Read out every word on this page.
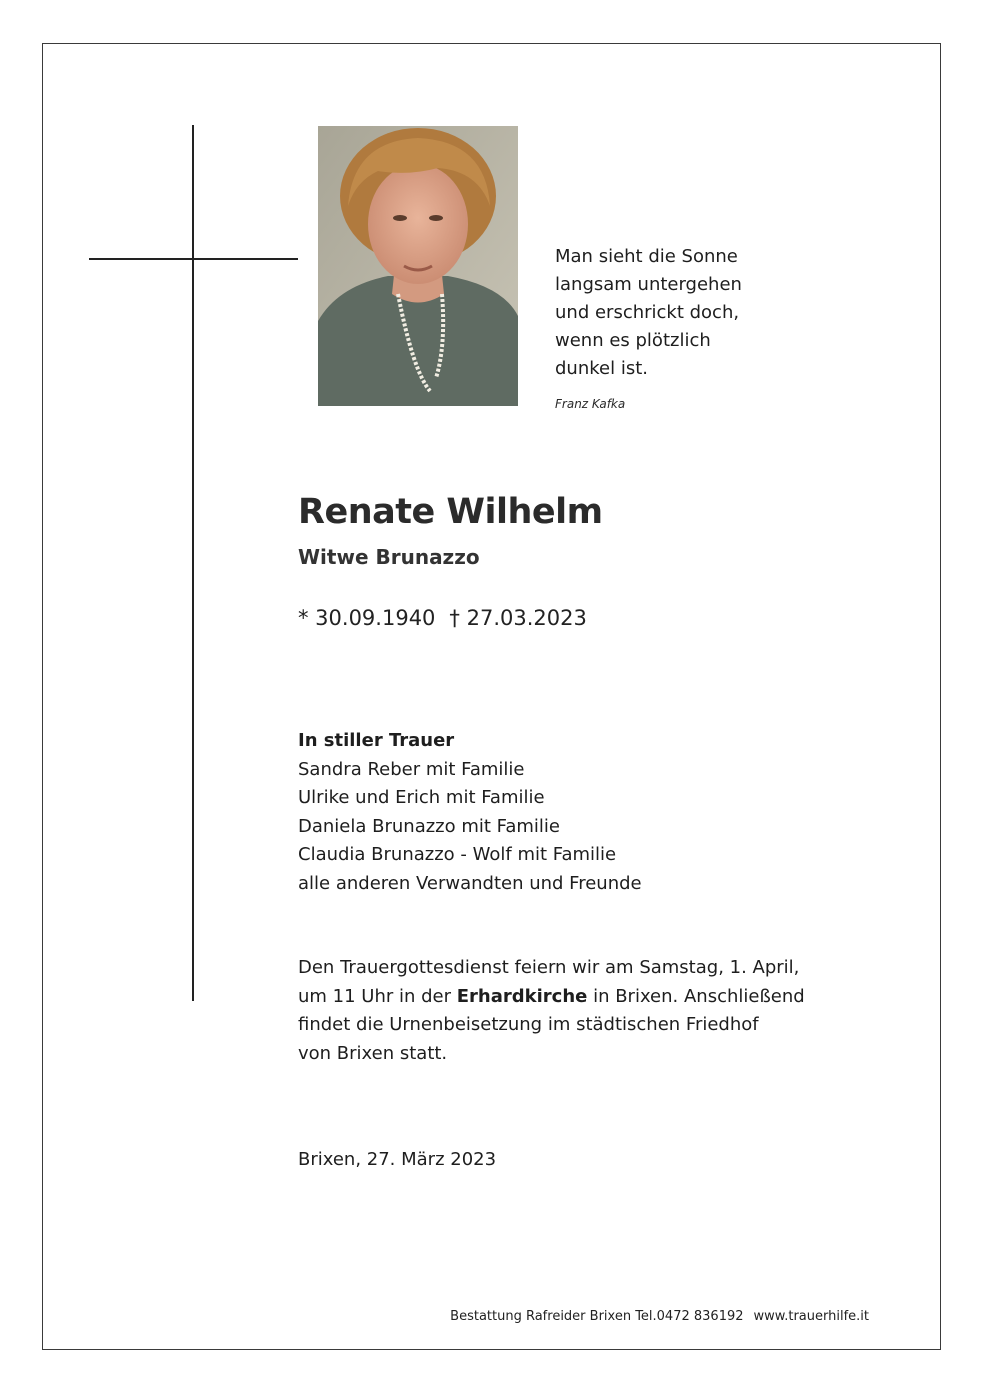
Man sieht die Sonne
langsam untergehen
und erschrickt doch,
wenn es plötzlich
dunkel ist.
Franz Kafka
Renate Wilhelm
Witwe Brunazzo
* 30.09.1940 † 27.03.2023
In stiller Trauer
Sandra Reber mit Familie
Ulrike und Erich mit Familie
Daniela Brunazzo mit Familie
Claudia Brunazzo - Wolf mit Familie
alle anderen Verwandten und Freunde
Den Trauergottesdienst feiern wir am Samstag, 1. April,
um 11 Uhr in der Erhardkirche in Brixen. Anschließend
findet die Urnenbeisetzung im städtischen Friedhof
von Brixen statt.
Brixen, 27. März 2023
Bestattung Rafreider Brixen Tel.0472 836192 www.trauerhilfe.it
